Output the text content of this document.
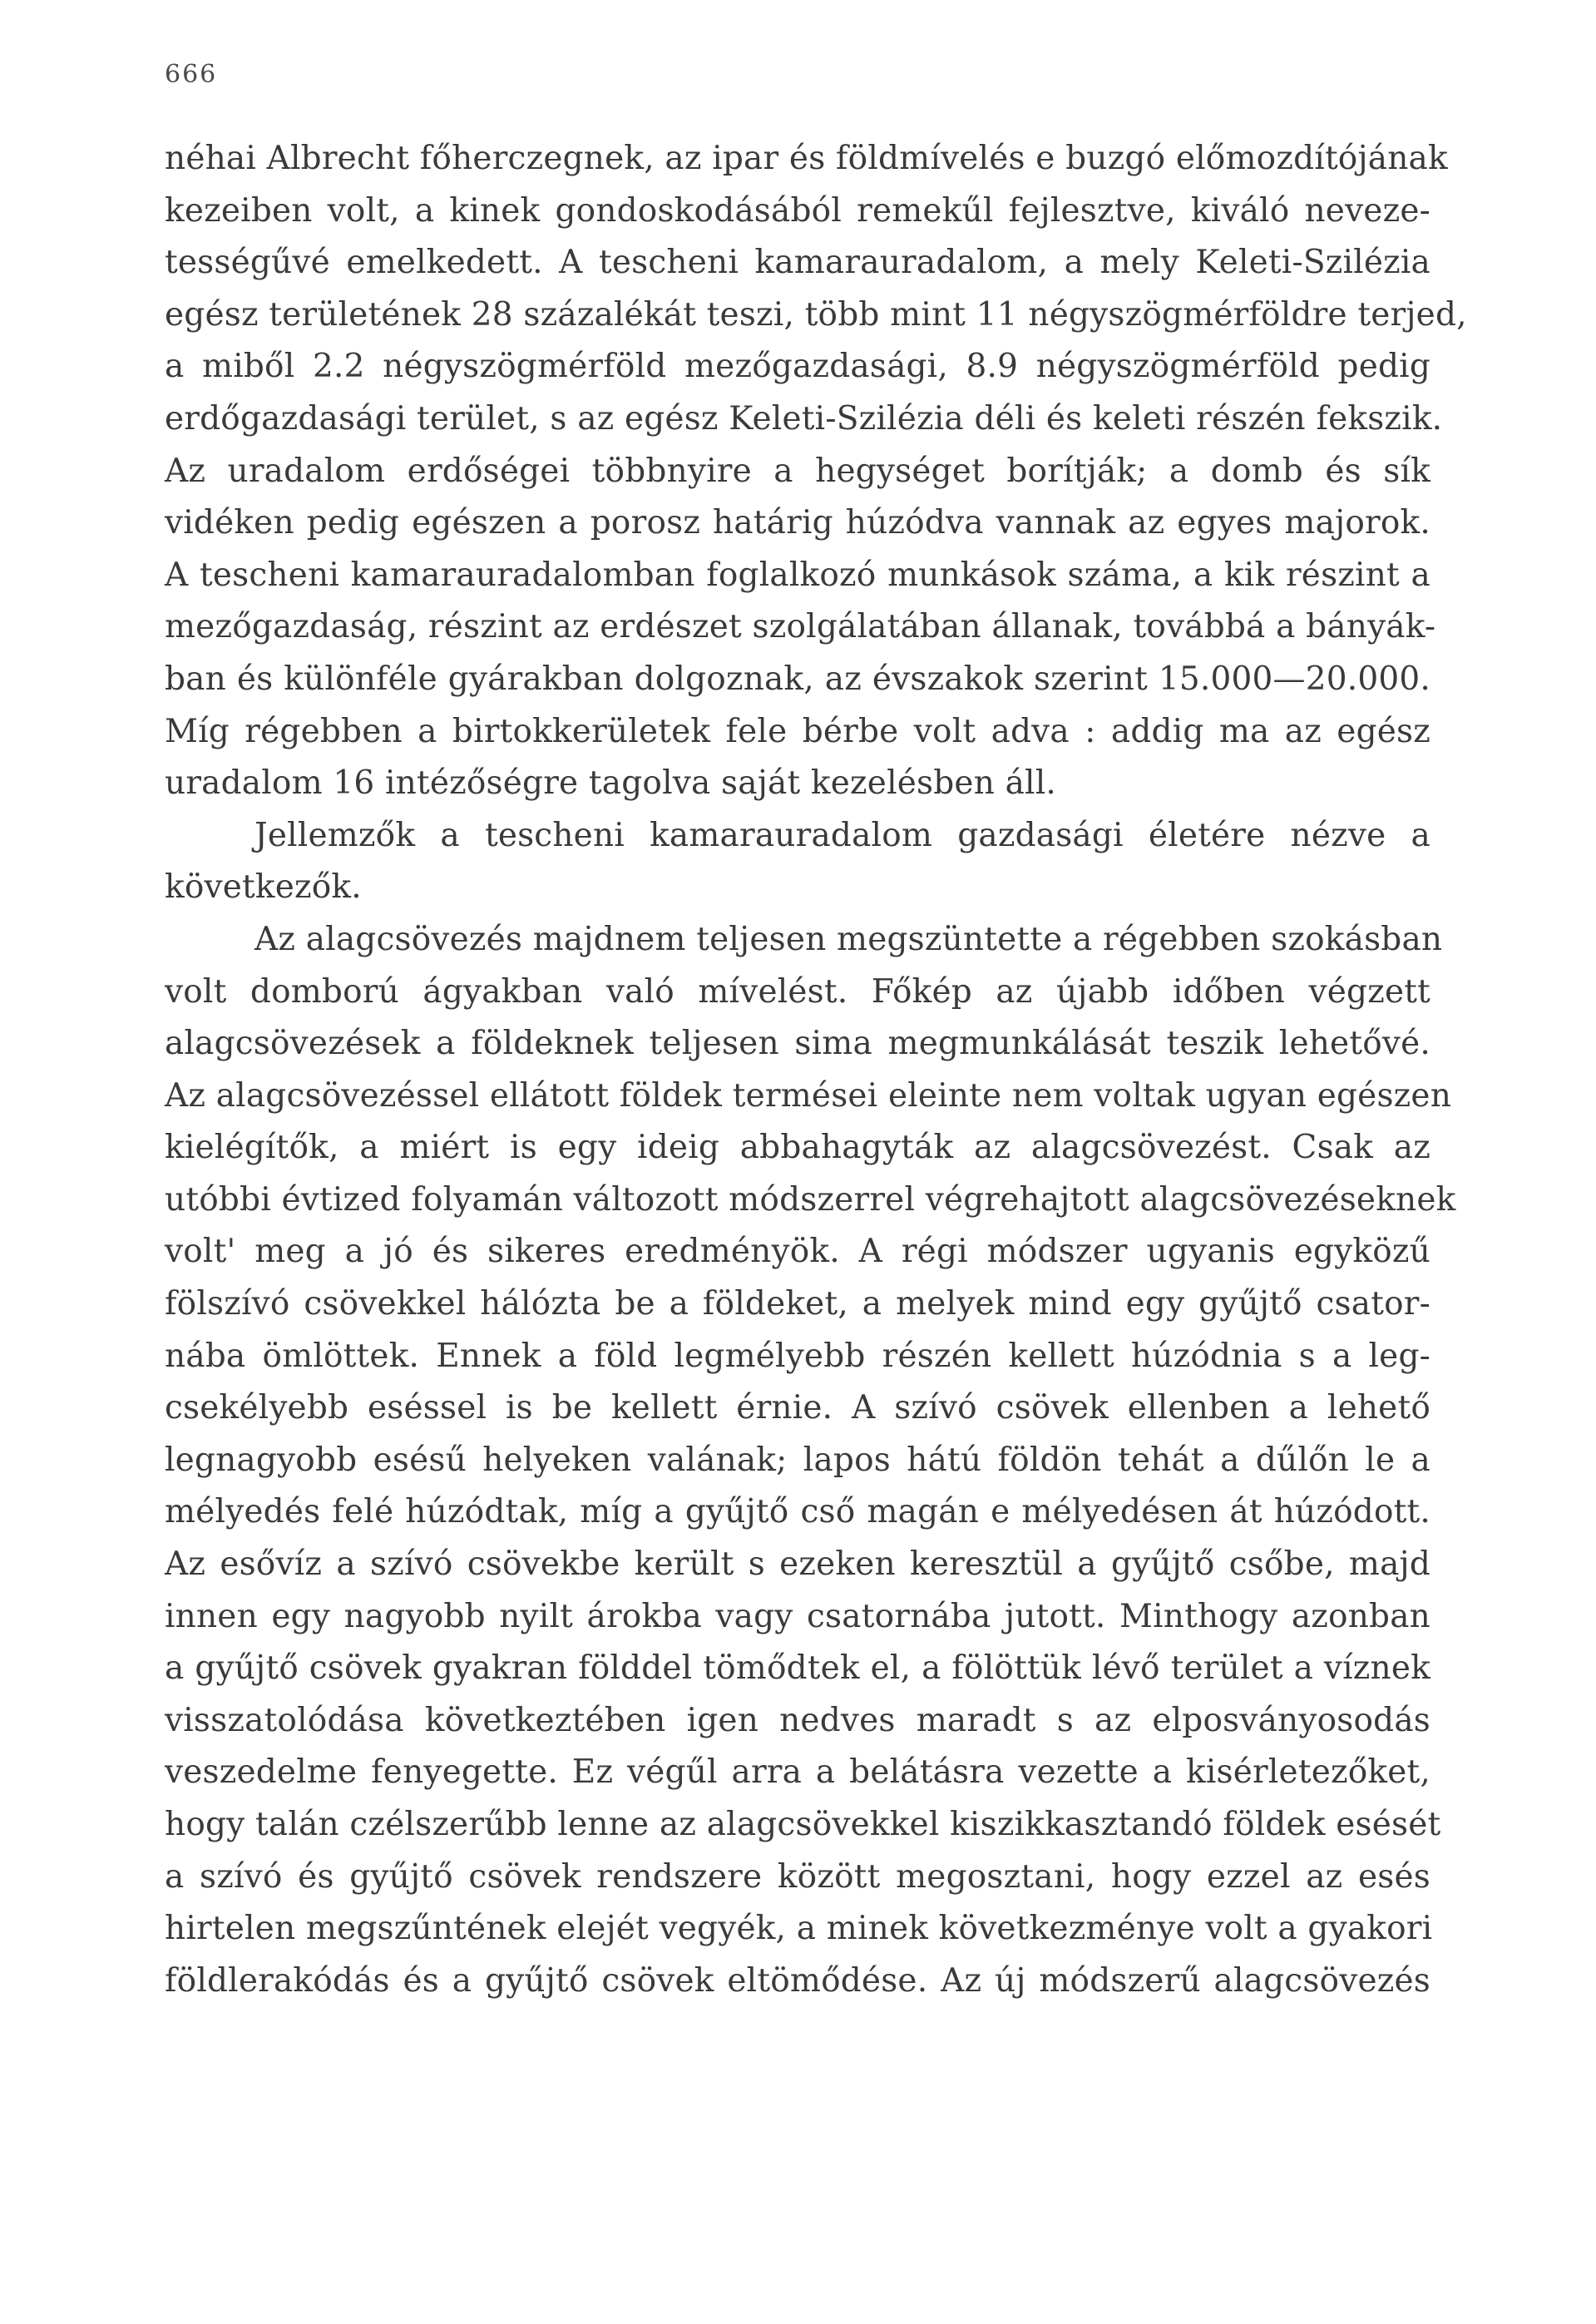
666
néhai Albrecht főherczegnek, az ipar és földmívelés e buzgó előmozdítójának
kezeiben volt, a kinek gondoskodásából remekűl fejlesztve, kiváló neveze-
tességűvé emelkedett. A tescheni kamarauradalom, a mely Keleti-Szilézia
egész területének 28 százalékát teszi, több mint 11 négyszögmérföldre terjed,
a miből 2.2 négyszögmérföld mezőgazdasági, 8.9 négyszögmérföld pedig
erdőgazdasági terület, s az egész Keleti-Szilézia déli és keleti részén fekszik.
Az uradalom erdőségei többnyire a hegységet borítják; a domb és sík
vidéken pedig egészen a porosz határig húzódva vannak az egyes majorok.
A tescheni kamarauradalomban foglalkozó munkások száma, a kik részint a
mezőgazdaság, részint az erdészet szolgálatában állanak, továbbá a bányák-
ban és különféle gyárakban dolgoznak, az évszakok szerint 15.000—20.000.
Míg régebben a birtokkerületek fele bérbe volt adva : addig ma az egész
uradalom 16 intézőségre tagolva saját kezelésben áll.
Jellemzők a tescheni kamarauradalom gazdasági életére nézve a
következők.
Az alagcsövezés majdnem teljesen megszüntette a régebben szokásban
volt domború ágyakban való mívelést. Főkép az újabb időben végzett
alagcsövezések a földeknek teljesen sima megmunkálását teszik lehetővé.
Az alagcsövezéssel ellátott földek termései eleinte nem voltak ugyan egészen
kielégítők, a miért is egy ideig abbahagyták az alagcsövezést. Csak az
utóbbi évtized folyamán változott módszerrel végrehajtott alagcsövezéseknek
volt' meg a jó és sikeres eredményök. A régi módszer ugyanis egyközű
fölszívó csövekkel hálózta be a földeket, a melyek mind egy gyűjtő csator-
nába ömlöttek. Ennek a föld legmélyebb részén kellett húzódnia s a leg-
csekélyebb eséssel is be kellett érnie. A szívó csövek ellenben a lehető
legnagyobb esésű helyeken valának; lapos hátú földön tehát a dűlőn le a
mélyedés felé húzódtak, míg a gyűjtő cső magán e mélyedésen át húzódott.
Az esővíz a szívó csövekbe került s ezeken keresztül a gyűjtő csőbe, majd
innen egy nagyobb nyilt árokba vagy csatornába jutott. Minthogy azonban
a gyűjtő csövek gyakran földdel tömődtek el, a fölöttük lévő terület a víznek
visszatolódása következtében igen nedves maradt s az elposványosodás
veszedelme fenyegette. Ez végűl arra a belátásra vezette a kisérletezőket,
hogy talán czélszerűbb lenne az alagcsövekkel kiszikkasztandó földek esését
a szívó és gyűjtő csövek rendszere között megosztani, hogy ezzel az esés
hirtelen megszűntének elejét vegyék, a minek következménye volt a gyakori
földlerakódás és a gyűjtő csövek eltömődése. Az új módszerű alagcsövezés
